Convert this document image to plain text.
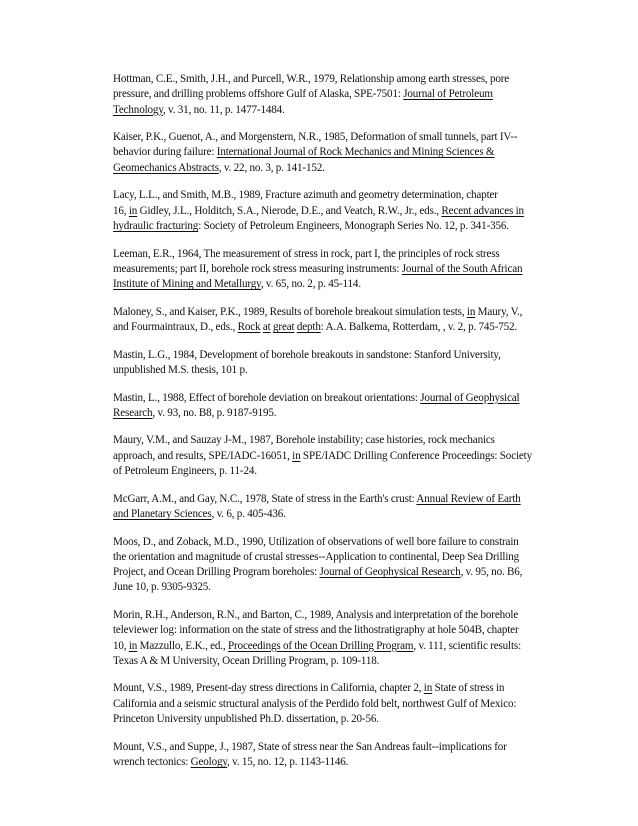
Hottman, C.E., Smith, J.H., and Purcell, W.R., 1979, Relationship among earth stresses, pore
pressure, and drilling problems offshore Gulf of Alaska, SPE-7501: Journal of Petroleum
Technology, v. 31, no. 11, p. 1477-1484.
Kaiser, P.K., Guenot, A., and Morgenstern, N.R., 1985, Deformation of small tunnels, part IV--
behavior during failure: International Journal of Rock Mechanics and Mining Sciences &
Geomechanics Abstracts, v. 22, no. 3, p. 141-152.
Lacy, L.L., and Smith, M.B., 1989, Fracture azimuth and geometry determination, chapter
16, in Gidley, J.L., Holditch, S.A., Nierode, D.E., and Veatch, R.W., Jr., eds., Recent advances in
hydraulic fracturing: Society of Petroleum Engineers, Monograph Series No. 12, p. 341-356.
Leeman, E.R., 1964, The measurement of stress in rock, part I, the principles of rock stress
measurements; part II, borehole rock stress measuring instruments: Journal of the South African
Institute of Mining and Metallurgy, v. 65, no. 2, p. 45-114.
Maloney, S., and Kaiser, P.K., 1989, Results of borehole breakout simulation tests, in Maury, V.,
and Fourmaintraux, D., eds., Rock at great depth: A.A. Balkema, Rotterdam, , v. 2, p. 745-752.
Mastin, L.G., 1984, Development of borehole breakouts in sandstone: Stanford University,
unpublished M.S. thesis, 101 p.
Mastin, L., 1988, Effect of borehole deviation on breakout orientations: Journal of Geophysical
Research, v. 93, no. B8, p. 9187-9195.
Maury, V.M., and Sauzay J-M., 1987, Borehole instability; case histories, rock mechanics
approach, and results, SPE/IADC-16051, in SPE/IADC Drilling Conference Proceedings: Society
of Petroleum Engineers, p. 11-24.
McGarr, A.M., and Gay, N.C., 1978, State of stress in the Earth's crust: Annual Review of Earth
and Planetary Sciences, v. 6, p. 405-436.
Moos, D., and Zoback, M.D., 1990, Utilization of observations of well bore failure to constrain
the orientation and magnitude of crustal stresses--Application to continental, Deep Sea Drilling
Project, and Ocean Drilling Program boreholes: Journal of Geophysical Research, v. 95, no. B6,
June 10, p. 9305-9325.
Morin, R.H., Anderson, R.N., and Barton, C., 1989, Analysis and interpretation of the borehole
televiewer log: information on the state of stress and the lithostratigraphy at hole 504B, chapter
10, in Mazzullo, E.K., ed., Proceedings of the Ocean Drilling Program, v. 111, scientific results:
Texas A & M University, Ocean Drilling Program, p. 109-118.
Mount, V.S., 1989, Present-day stress directions in California, chapter 2, in State of stress in
California and a seismic structural analysis of the Perdido fold belt, northwest Gulf of Mexico:
Princeton University unpublished Ph.D. dissertation, p. 20-56.
Mount, V.S., and Suppe, J., 1987, State of stress near the San Andreas fault--implications for
wrench tectonics: Geology, v. 15, no. 12, p. 1143-1146.
